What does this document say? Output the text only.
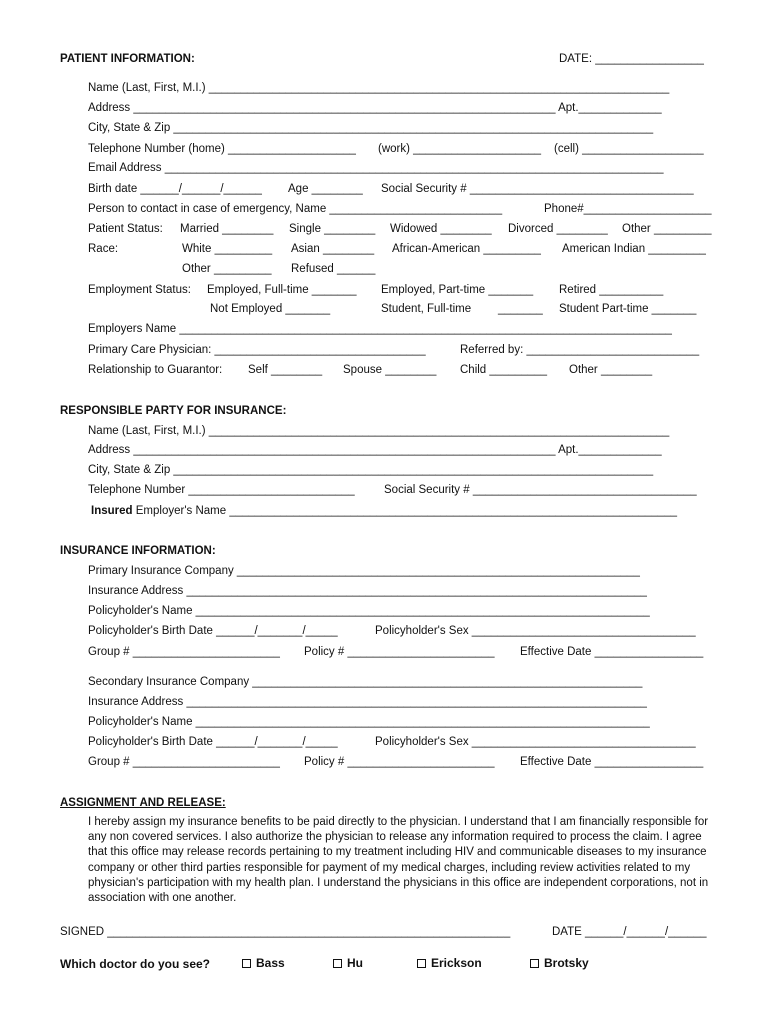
PATIENT INFORMATION:	DATE: _________________
Name (Last, First, M.I.) ________________________________________________________________________
Address __________________________________________________________________ Apt._____________
City, State & Zip ___________________________________________________________________________
Telephone Number (home) ____________________ (work) ____________________ (cell) ___________________
Email Address ______________________________________________________________________________
Birth date ______/______/______ Age ________ Social Security # ___________________________________
Person to contact in case of emergency, Name ___________________________	Phone#____________________
Patient Status: Married ________ Single ________ Widowed ________ Divorced ________ Other _________
Race:	White _________ Asian ________ African-American _________ American Indian _________
Other _________ Refused ______
Employment Status: Employed, Full-time _______ Employed, Part-time _______ Retired __________
Not Employed _______	Student, Full-time _______ Student Part-time _______
Employers Name _____________________________________________________________________________
Primary Care Physician: _________________________________	Referred by: ___________________________
Relationship to Guarantor: Self ________ Spouse ________ Child _________ Other ________
RESPONSIBLE PARTY FOR INSURANCE:
Name (Last, First, M.I.) ________________________________________________________________________
Address __________________________________________________________________ Apt._____________
City, State & Zip ___________________________________________________________________________
Telephone Number __________________________	Social Security # ___________________________________
Insured Employer's Name ______________________________________________________________________
INSURANCE INFORMATION:
Primary Insurance Company _______________________________________________________________
Insurance Address ________________________________________________________________________
Policyholder's Name _______________________________________________________________________
Policyholder's Birth Date ______/_______/_____	Policyholder's Sex ___________________________________
Group # _______________________ Policy # _______________________ Effective Date _________________
Secondary Insurance Company _____________________________________________________________
Insurance Address ________________________________________________________________________
Policyholder's Name _______________________________________________________________________
Policyholder's Birth Date ______/_______/_____	Policyholder's Sex ___________________________________
Group # _______________________ Policy # _______________________ Effective Date _________________
ASSIGNMENT AND RELEASE:
I hereby assign my insurance benefits to be paid directly to the physician. I understand that I am financially responsible for any non covered services. I also authorize the physician to release any information required to process the claim. I agree that this office may release records pertaining to my treatment including HIV and communicable diseases to my insurance company or other third parties responsible for payment of my medical charges, including review activities related to my physician's participation with my health plan. I understand the physicians in this office are independent corporations, not in association with one another.
SIGNED _______________________________________________________________	DATE ______/______/______
Which doctor do you see?	Bass	Hu	Erickson	Brotsky
